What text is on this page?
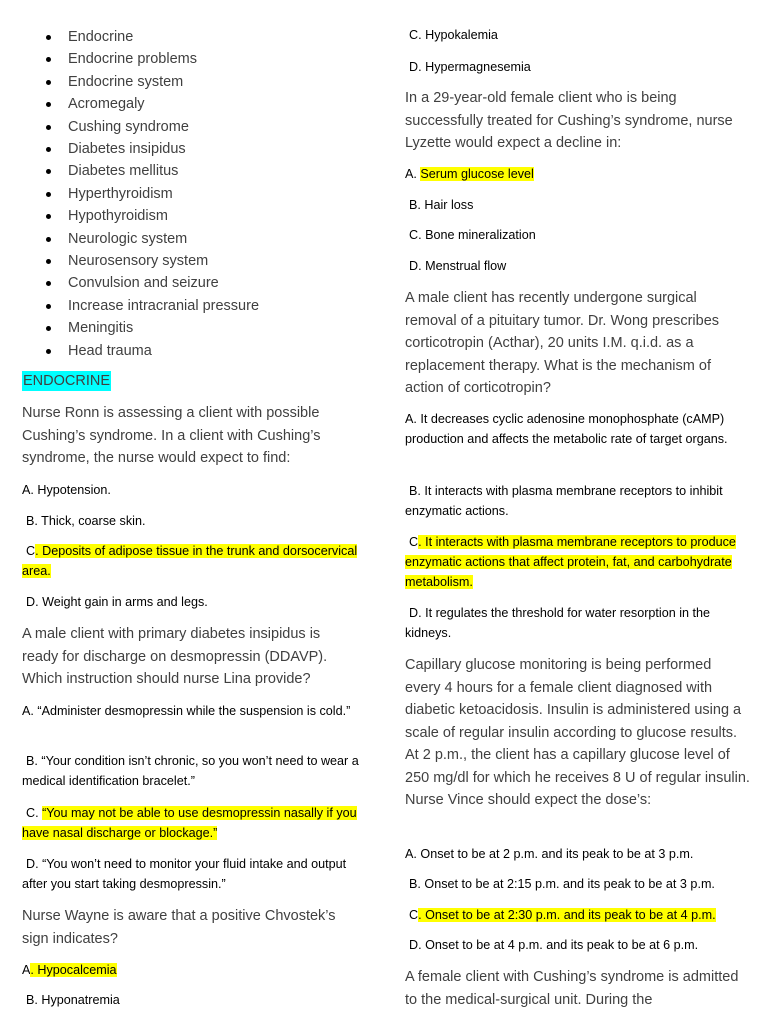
Endocrine
Endocrine problems
Endocrine system
Acromegaly
Cushing syndrome
Diabetes insipidus
Diabetes mellitus
Hyperthyroidism
Hypothyroidism
Neurologic system
Neurosensory system
Convulsion and seizure
Increase intracranial pressure
Meningitis
Head trauma
ENDOCRINE
Nurse Ronn is assessing a client with possible Cushing’s syndrome. In a client with Cushing’s syndrome, the nurse would expect to find:
A. Hypotension.
B. Thick, coarse skin.
C. Deposits of adipose tissue in the trunk and dorsocervical area.
D. Weight gain in arms and legs.
A male client with primary diabetes insipidus is ready for discharge on desmopressin (DDAVP). Which instruction should nurse Lina provide?
A. “Administer desmopressin while the suspension is cold.”
B. “Your condition isn’t chronic, so you won’t need to wear a medical identification bracelet.”
C. “You may not be able to use desmopressin nasally if you have nasal discharge or blockage.”
D. “You won’t need to monitor your fluid intake and output after you start taking desmopressin.”
Nurse Wayne is aware that a positive Chvostek’s sign indicates?
A. Hypocalcemia
B. Hyponatremia
C. Hypokalemia
D. Hypermagnesemia
In a 29-year-old female client who is being successfully treated for Cushing’s syndrome, nurse Lyzette would expect a decline in:
A. Serum glucose level
B. Hair loss
C. Bone mineralization
D. Menstrual flow
A male client has recently undergone surgical removal of a pituitary tumor. Dr. Wong prescribes corticotropin (Acthar), 20 units I.M. q.i.d. as a replacement therapy. What is the mechanism of action of corticotropin?
A. It decreases cyclic adenosine monophosphate (cAMP) production and affects the metabolic rate of target organs.
B. It interacts with plasma membrane receptors to inhibit enzymatic actions.
C. It interacts with plasma membrane receptors to produce enzymatic actions that affect protein, fat, and carbohydrate metabolism.
D. It regulates the threshold for water resorption in the kidneys.
Capillary glucose monitoring is being performed every 4 hours for a female client diagnosed with diabetic ketoacidosis. Insulin is administered using a scale of regular insulin according to glucose results. At 2 p.m., the client has a capillary glucose level of 250 mg/dl for which he receives 8 U of regular insulin. Nurse Vince should expect the dose’s:
A. Onset to be at 2 p.m. and its peak to be at 3 p.m.
B. Onset to be at 2:15 p.m. and its peak to be at 3 p.m.
C. Onset to be at 2:30 p.m. and its peak to be at 4 p.m.
D. Onset to be at 4 p.m. and its peak to be at 6 p.m.
A female client with Cushing’s syndrome is admitted to the medical-surgical unit. During the
